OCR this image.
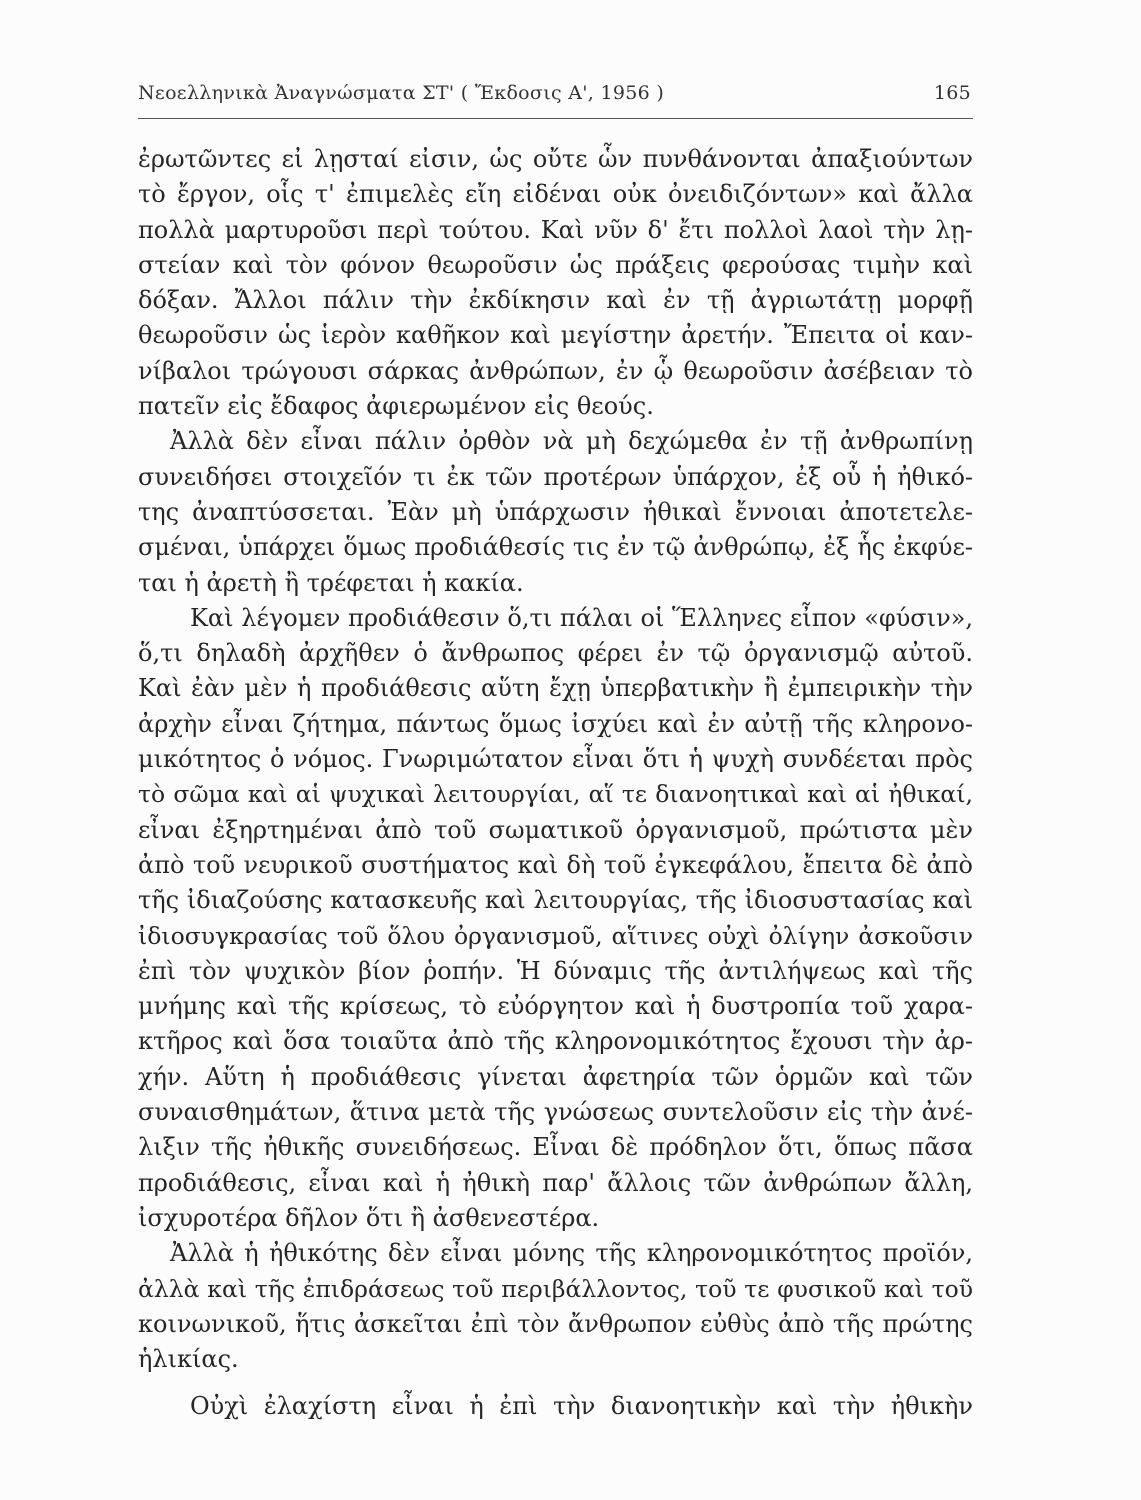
Νεοελληνικὰ Ἀναγνώσματα ΣΤ' ( Ἔκδοσις Α', 1956 )	165
ἐρωτῶντες εἰ λῃσταί εἰσιν, ὡς οὔτε ὧν πυνθάνονται ἀπαξιούντων
τὸ ἔργον, οἷς τ' ἐπιμελὲς εἴη εἰδέναι οὐκ ὀνειδιζόντων» καὶ ἄλλα
πολλὰ μαρτυροῦσι περὶ τούτου. Καὶ νῦν δ' ἔτι πολλοὶ λαοὶ τὴν λῃ-
στείαν καὶ τὸν φόνον θεωροῦσιν ὡς πράξεις φερούσας τιμὴν καὶ
δόξαν. Ἄλλοι πάλιν τὴν ἐκδίκησιν καὶ ἐν τῇ ἀγριωτάτῃ μορφῇ
θεωροῦσιν ὡς ἱερὸν καθῆκον καὶ μεγίστην ἀρετήν. Ἔπειτα οἱ καν-
νίβαλοι τρώγουσι σάρκας ἀνθρώπων, ἐν ᾧ θεωροῦσιν ἀσέβειαν τὸ
πατεῖν εἰς ἔδαφος ἀφιερωμένον εἰς θεούς.
Ἀλλὰ δὲν εἶναι πάλιν ὀρθὸν νὰ μὴ δεχώμεθα ἐν τῇ ἀνθρωπίνῃ
συνειδήσει στοιχεῖόν τι ἐκ τῶν προτέρων ὑπάρχον, ἐξ οὗ ἡ ἠθικό-
της ἀναπτύσσεται. Ἐὰν μὴ ὑπάρχωσιν ἠθικαὶ ἔννοιαι ἀποτετελε-
σμέναι, ὑπάρχει ὅμως προδιάθεσίς τις ἐν τῷ ἀνθρώπῳ, ἐξ ἧς ἐκφύε-
ται ἡ ἀρετὴ ἢ τρέφεται ἡ κακία.
Καὶ λέγομεν προδιάθεσιν ὅ,τι πάλαι οἱ Ἕλληνες εἶπον «φύσιν»,
ὅ,τι δηλαδὴ ἀρχῆθεν ὁ ἄνθρωπος φέρει ἐν τῷ ὀργανισμῷ αὐτοῦ.
Καὶ ἐὰν μὲν ἡ προδιάθεσις αὕτη ἔχῃ ὑπερβατικὴν ἢ ἐμπειρικὴν τὴν
ἀρχὴν εἶναι ζήτημα, πάντως ὅμως ἰσχύει καὶ ἐν αὐτῇ τῆς κληρονο-
μικότητος ὁ νόμος. Γνωριμώτατον εἶναι ὅτι ἡ ψυχὴ συνδέεται πρὸς
τὸ σῶμα καὶ αἱ ψυχικαὶ λειτουργίαι, αἵ τε διανοητικαὶ καὶ αἱ ἠθικαί,
εἶναι ἐξηρτημέναι ἀπὸ τοῦ σωματικοῦ ὀργανισμοῦ, πρώτιστα μὲν
ἀπὸ τοῦ νευρικοῦ συστήματος καὶ δὴ τοῦ ἐγκεφάλου, ἔπειτα δὲ ἀπὸ
τῆς ἰδιαζούσης κατασκευῆς καὶ λειτουργίας, τῆς ἰδιοσυστασίας καὶ
ἰδιοσυγκρασίας τοῦ ὅλου ὀργανισμοῦ, αἵτινες οὐχὶ ὀλίγην ἀσκοῦσιν
ἐπὶ τὸν ψυχικὸν βίον ῥοπήν. Ἡ δύναμις τῆς ἀντιλήψεως καὶ τῆς
μνήμης καὶ τῆς κρίσεως, τὸ εὐόργητον καὶ ἡ δυστροπία τοῦ χαρα-
κτῆρος καὶ ὅσα τοιαῦτα ἀπὸ τῆς κληρονομικότητος ἔχουσι τὴν ἀρ-
χήν. Αὕτη ἡ προδιάθεσις γίνεται ἀφετηρία τῶν ὁρμῶν καὶ τῶν
συναισθημάτων, ἅτινα μετὰ τῆς γνώσεως συντελοῦσιν εἰς τὴν ἀνέ-
λιξιν τῆς ἠθικῆς συνειδήσεως. Εἶναι δὲ πρόδηλον ὅτι, ὅπως πᾶσα
προδιάθεσις, εἶναι καὶ ἡ ἠθικὴ παρ' ἄλλοις τῶν ἀνθρώπων ἄλλη,
ἰσχυροτέρα δῆλον ὅτι ἢ ἀσθενεστέρα.
Ἀλλὰ ἡ ἠθικότης δὲν εἶναι μόνης τῆς κληρονομικότητος προϊόν,
ἀλλὰ καὶ τῆς ἐπιδράσεως τοῦ περιβάλλοντος, τοῦ τε φυσικοῦ καὶ τοῦ
κοινωνικοῦ, ἥτις ἀσκεῖται ἐπὶ τὸν ἄνθρωπον εὐθὺς ἀπὸ τῆς πρώτης
ἡλικίας.
Οὐχὶ ἐλαχίστη εἶναι ἡ ἐπὶ τὴν διανοητικὴν καὶ τὴν ἠθικὴν
